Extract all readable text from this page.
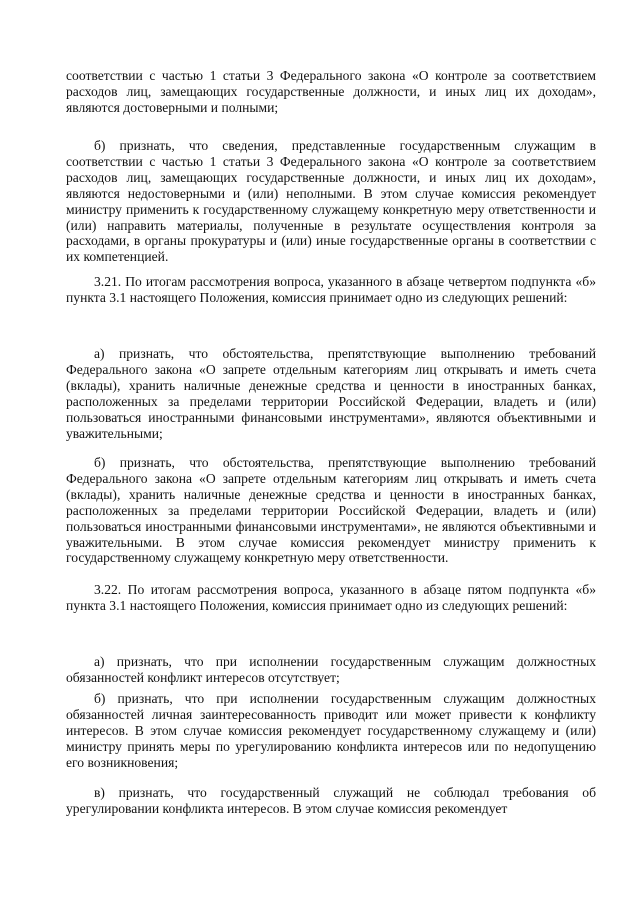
соответствии с частью 1 статьи 3 Федерального закона «О контроле за соответствием расходов лиц, замещающих государственные должности, и иных лиц их доходам», являются достоверными и полными;

б) признать, что сведения, представленные государственным служащим в соответствии с частью 1 статьи 3 Федерального закона «О контроле за соответствием расходов лиц, замещающих государственные должности, и иных лиц их доходам», являются недостоверными и (или) неполными. В этом случае комиссия рекомендует министру применить к государственному служащему конкретную меру ответственности и (или) направить материалы, полученные в результате осуществления контроля за расходами, в органы прокуратуры и (или) иные государственные органы в соответствии с их компетенцией.

3.21. По итогам рассмотрения вопроса, указанного в абзаце четвертом подпункта «б» пункта 3.1 настоящего Положения, комиссия принимает одно из следующих решений:

а) признать, что обстоятельства, препятствующие выполнению требований Федерального закона «О запрете отдельным категориям лиц открывать и иметь счета (вклады), хранить наличные денежные средства и ценности в иностранных банках, расположенных за пределами территории Российской Федерации, владеть и (или) пользоваться иностранными финансовыми инструментами», являются объективными и уважительными;

б) признать, что обстоятельства, препятствующие выполнению требований Федерального закона «О запрете отдельным категориям лиц открывать и иметь счета (вклады), хранить наличные денежные средства и ценности в иностранных банках, расположенных за пределами территории Российской Федерации, владеть и (или) пользоваться иностранными финансовыми инструментами», не являются объективными и уважительными. В этом случае комиссия рекомендует министру применить к государственному служащему конкретную меру ответственности.

3.22. По итогам рассмотрения вопроса, указанного в абзаце пятом подпункта «б» пункта 3.1 настоящего Положения, комиссия принимает одно из следующих решений:

а) признать, что при исполнении государственным служащим должностных обязанностей конфликт интересов отсутствует;

б) признать, что при исполнении государственным служащим должностных обязанностей личная заинтересованность приводит или может привести к конфликту интересов. В этом случае комиссия рекомендует государственному служащему и (или) министру принять меры по урегулированию конфликта интересов или по недопущению его возникновения;

в) признать, что государственный служащий не соблюдал требования об урегулировании конфликта интересов. В этом случае комиссия рекомендует
